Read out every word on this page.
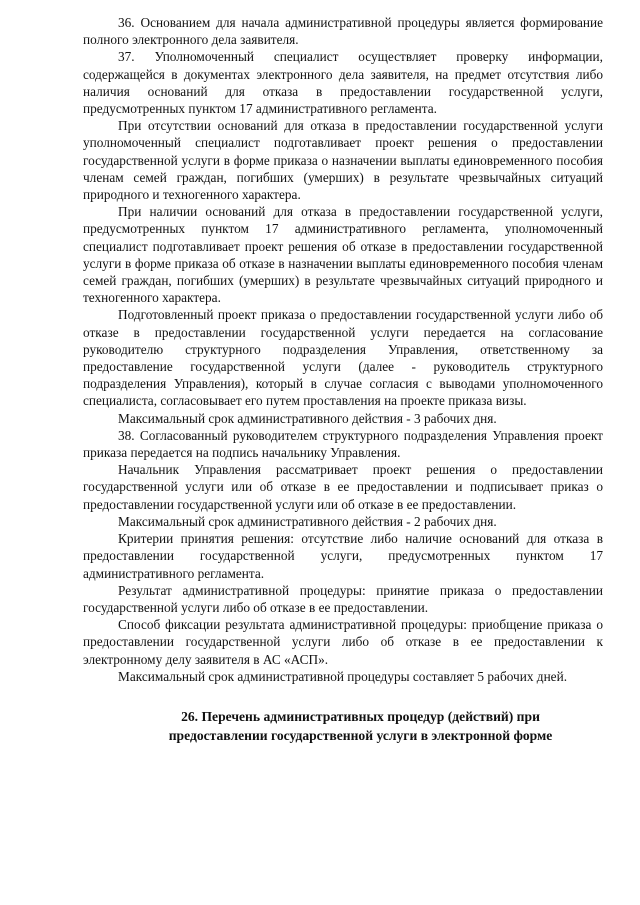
36. Основанием для начала административной процедуры является формирование полного электронного дела заявителя.

37. Уполномоченный специалист осуществляет проверку информации, содержащейся в документах электронного дела заявителя, на предмет отсутствия либо наличия оснований для отказа в предоставлении государственной услуги, предусмотренных пунктом 17 административного регламента.

При отсутствии оснований для отказа в предоставлении государственной услуги уполномоченный специалист подготавливает проект решения о предоставлении государственной услуги в форме приказа о назначении выплаты единовременного пособия членам семей граждан, погибших (умерших) в результате чрезвычайных ситуаций природного и техногенного характера.

При наличии оснований для отказа в предоставлении государственной услуги, предусмотренных пунктом 17 административного регламента, уполномоченный специалист подготавливает проект решения об отказе в предоставлении государственной услуги в форме приказа об отказе в назначении выплаты единовременного пособия членам семей граждан, погибших (умерших) в результате чрезвычайных ситуаций природного и техногенного характера.

Подготовленный проект приказа о предоставлении государственной услуги либо об отказе в предоставлении государственной услуги передается на согласование руководителю структурного подразделения Управления, ответственному за предоставление государственной услуги (далее - руководитель структурного подразделения Управления), который в случае согласия с выводами уполномоченного специалиста, согласовывает его путем проставления на проекте приказа визы.

Максимальный срок административного действия - 3 рабочих дня.

38. Согласованный руководителем структурного подразделения Управления проект приказа передается на подпись начальнику Управления.

Начальник Управления рассматривает проект решения о предоставлении государственной услуги или об отказе в ее предоставлении и подписывает приказ о предоставлении государственной услуги или об отказе в ее предоставлении.

Максимальный срок административного действия - 2 рабочих дня.

Критерии принятия решения: отсутствие либо наличие оснований для отказа в предоставлении государственной услуги, предусмотренных пунктом 17 административного регламента.

Результат административной процедуры: принятие приказа о предоставлении государственной услуги либо об отказе в ее предоставлении.

Способ фиксации результата административной процедуры: приобщение приказа о предоставлении государственной услуги либо об отказе в ее предоставлении к электронному делу заявителя в АС «АСП».

Максимальный срок административной процедуры составляет 5 рабочих дней.

26. Перечень административных процедур (действий) при
предоставлении государственной услуги в электронной форме
